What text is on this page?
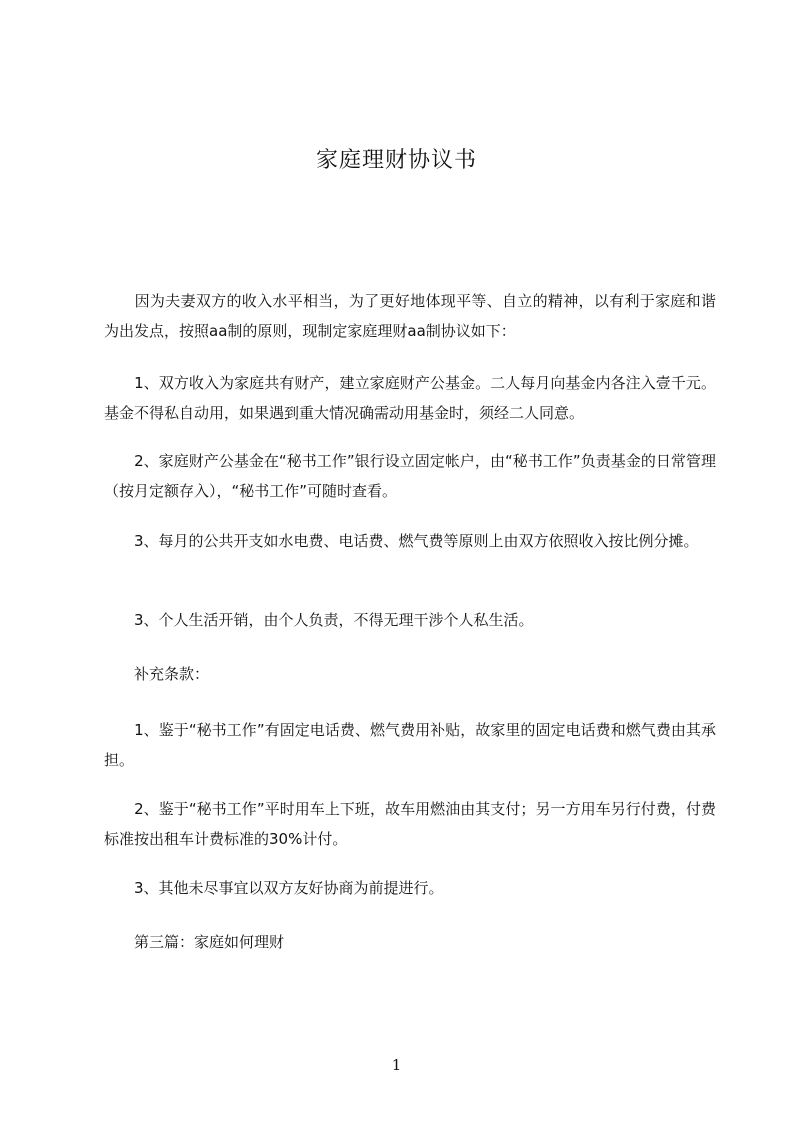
家庭理财协议书

　　因为夫妻双方的收入水平相当，为了更好地体现平等、自立的精神，以有利于家庭和谐为出发点，按照aa制的原则，现制定家庭理财aa制协议如下：

　　1、双方收入为家庭共有财产，建立家庭财产公基金。二人每月向基金内各注入壹千元。基金不得私自动用，如果遇到重大情况确需动用基金时，须经二人同意。

　　2、家庭财产公基金在“秘书工作”银行设立固定帐户，由“秘书工作”负责基金的日常管理（按月定额存入），“秘书工作”可随时查看。

　　3、每月的公共开支如水电费、电话费、燃气费等原则上由双方依照收入按比例分摊。

　　3、个人生活开销，由个人负责，不得无理干涉个人私生活。

　　补充条款：

　　1、鉴于“秘书工作”有固定电话费、燃气费用补贴，故家里的固定电话费和燃气费由其承担。

　　2、鉴于“秘书工作”平时用车上下班，故车用燃油由其支付；另一方用车另行付费，付费标准按出租车计费标准的30%计付。

　　3、其他未尽事宜以双方友好协商为前提进行。

　　第三篇：家庭如何理财

1
